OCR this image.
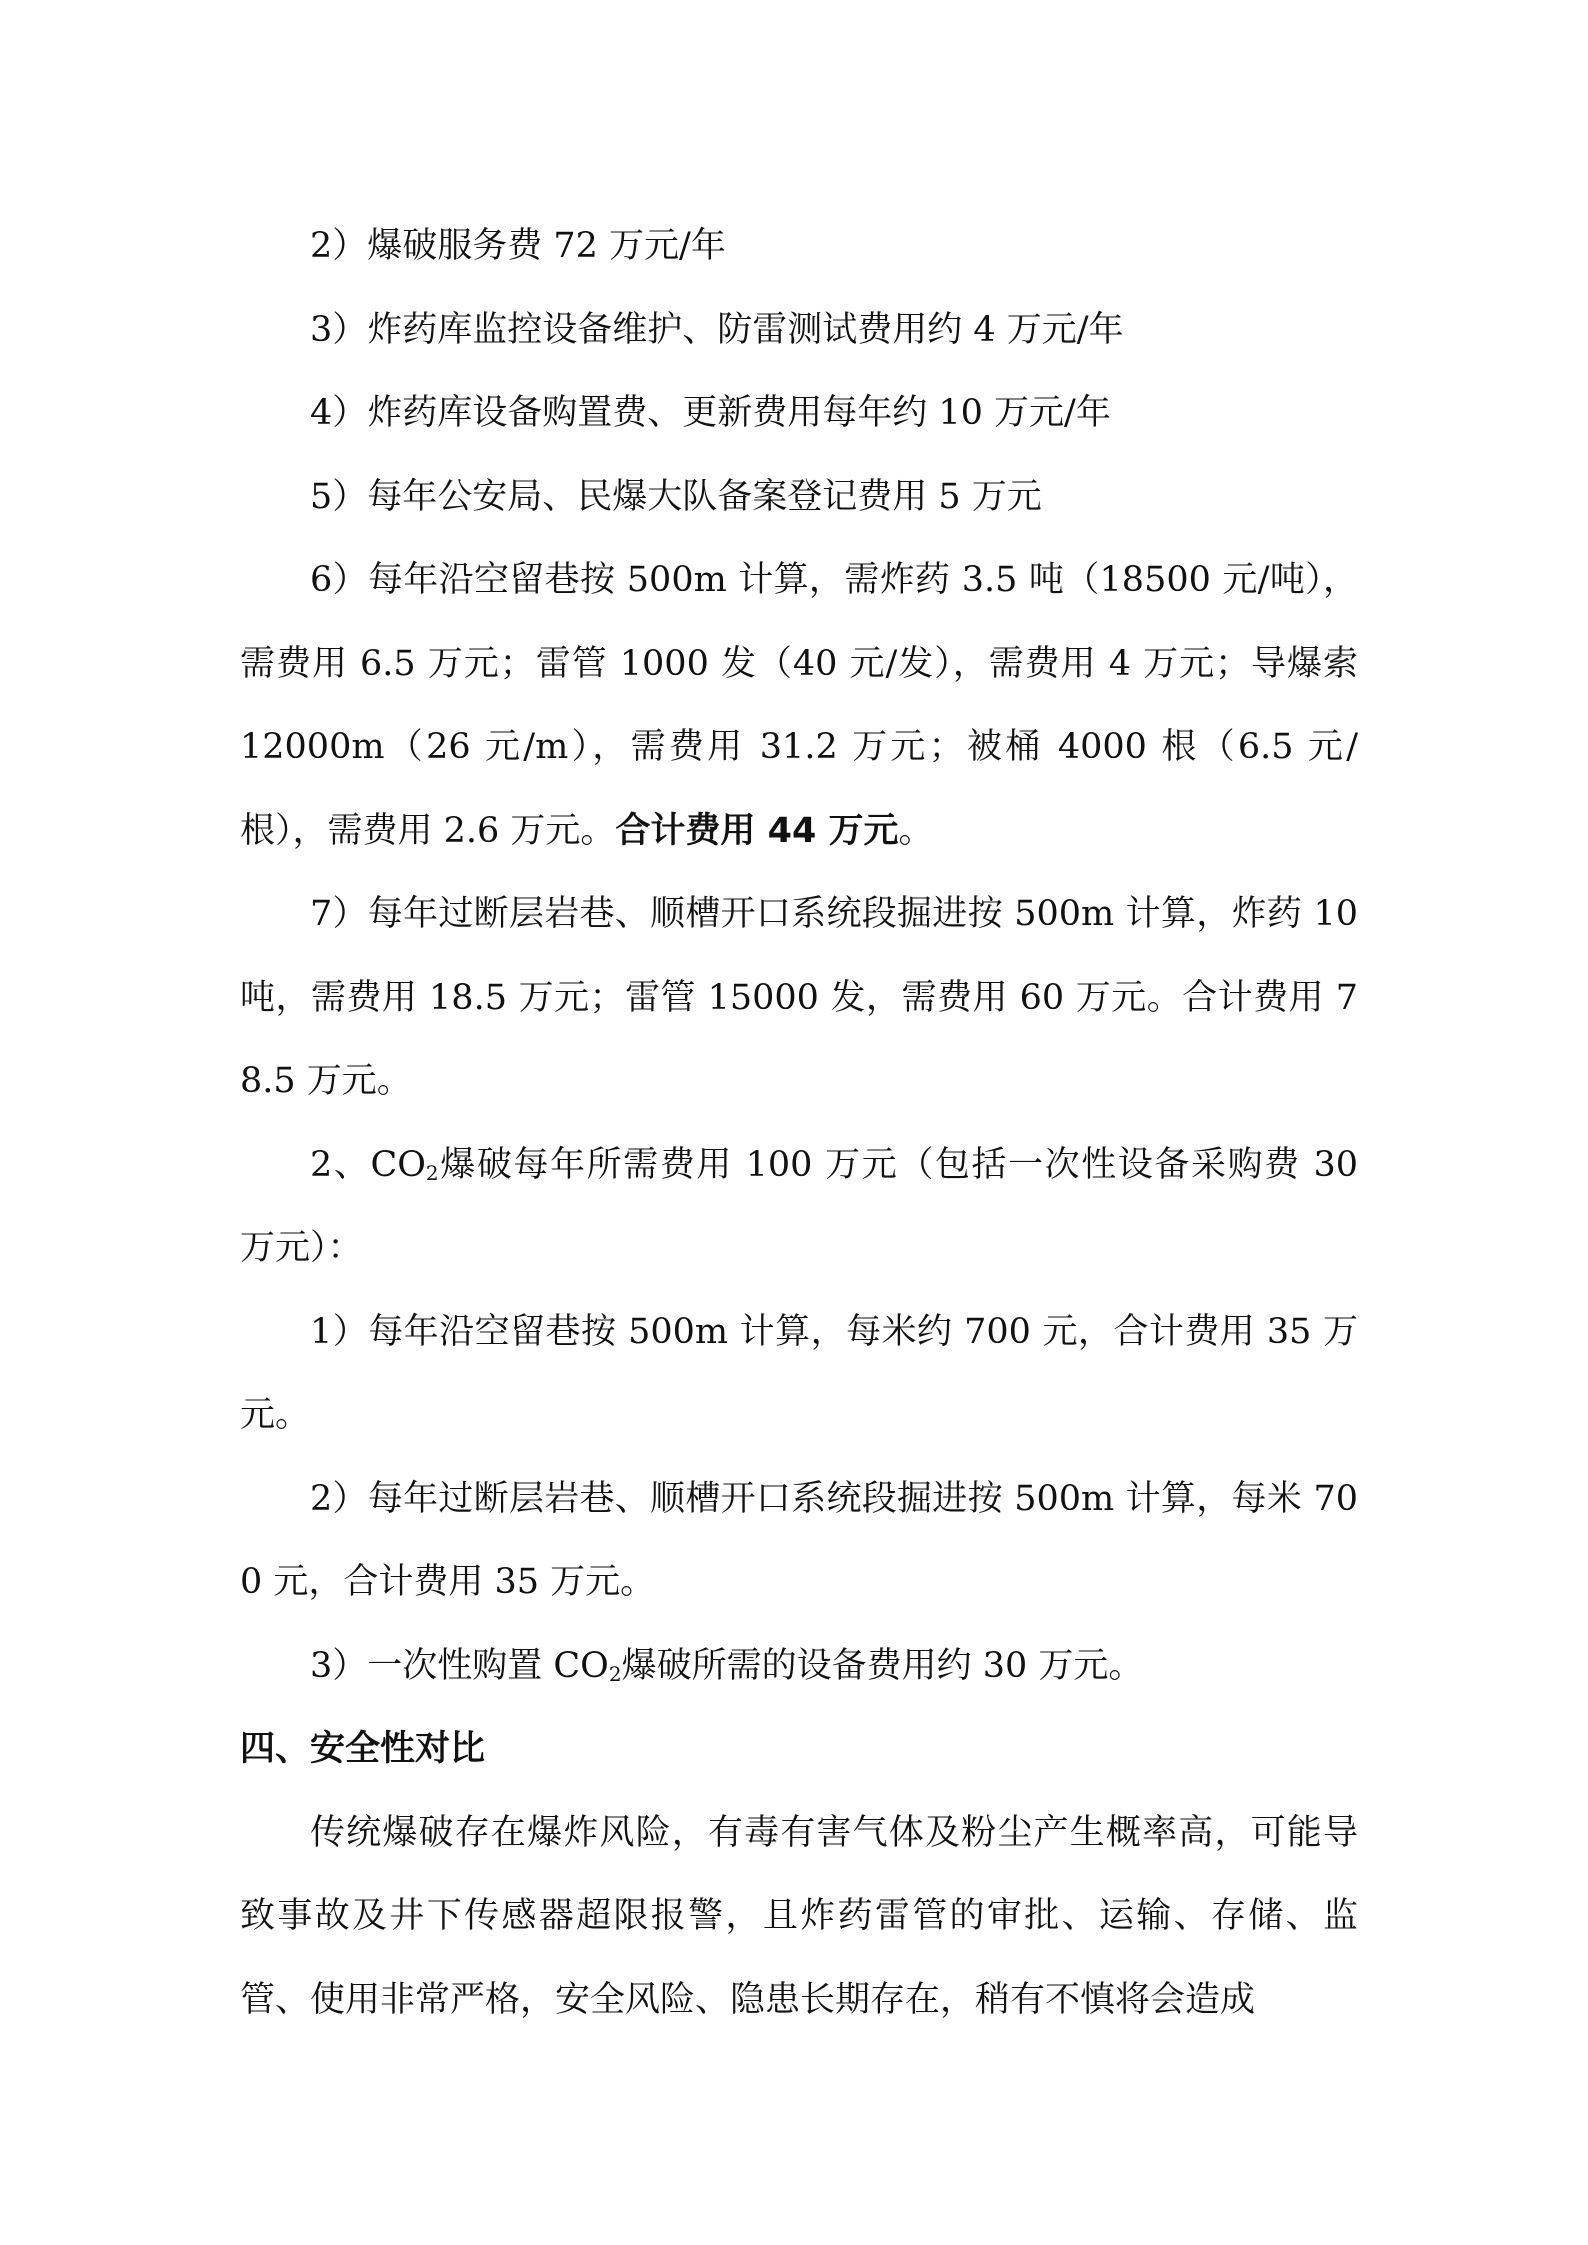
2）爆破服务费 72 万元/年

3）炸药库监控设备维护、防雷测试费用约 4 万元/年

4）炸药库设备购置费、更新费用每年约 10 万元/年

5）每年公安局、民爆大队备案登记费用 5 万元

6）每年沿空留巷按 500m 计算，需炸药 3.5 吨（18500 元/吨），需费用 6.5 万元；雷管 1000 发（40 元/发），需费用 4 万元；导爆索 12000m（26 元/m），需费用 31.2 万元；被桶 4000 根（6.5 元/根），需费用 2.6 万元。合计费用 44 万元。

7）每年过断层岩巷、顺槽开口系统段掘进按 500m 计算，炸药 10 吨，需费用 18.5 万元；雷管 15000 发，需费用 60 万元。合计费用 78.5 万元。

2、$CO_2$爆破每年所需费用 100 万元（包括一次性设备采购费 30 万元）：

1）每年沿空留巷按 500m 计算，每米约 700 元，合计费用 35 万元。

2）每年过断层岩巷、顺槽开口系统段掘进按 500m 计算，每米 700 元，合计费用 35 万元。

3）一次性购置 $CO_2$爆破所需的设备费用约 30 万元。

四、安全性对比

传统爆破存在爆炸风险，有毒有害气体及粉尘产生概率高，可能导致事故及井下传感器超限报警，且炸药雷管的审批、运输、存储、监管、使用非常严格，安全风险、隐患长期存在，稍有不慎将会造成
